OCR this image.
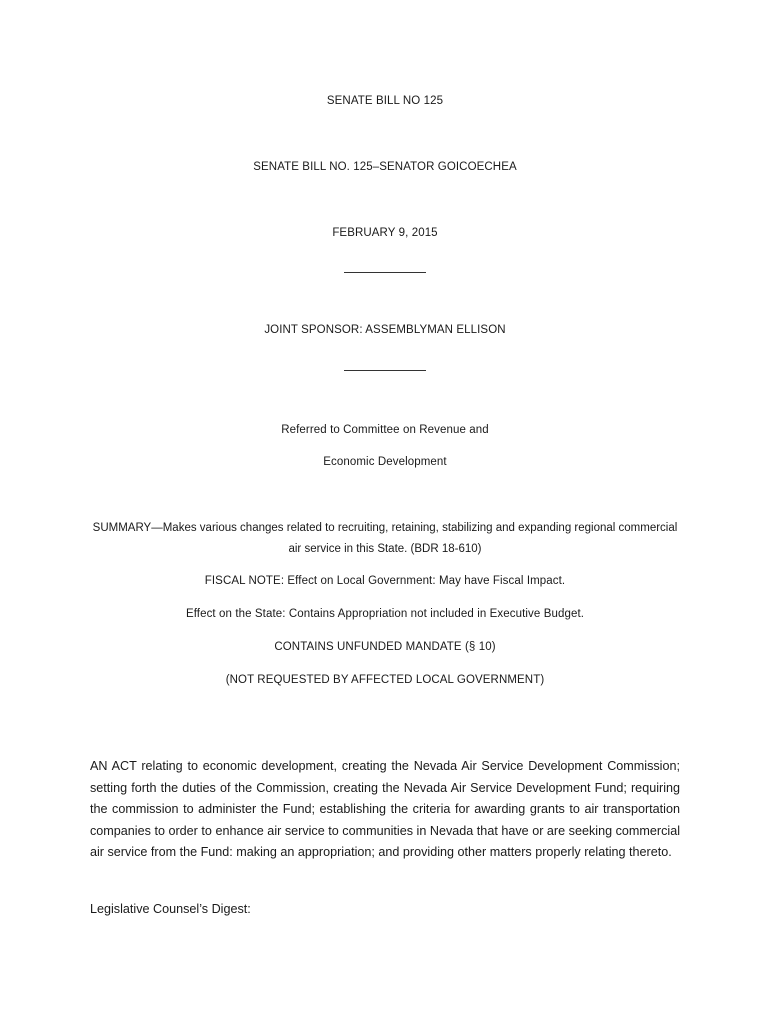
SENATE BILL NO 125
SENATE BILL NO. 125–SENATOR GOICOECHEA
FEBRUARY 9, 2015
JOINT SPONSOR: ASSEMBLYMAN ELLISON
Referred to Committee on Revenue and
Economic Development
SUMMARY—Makes various changes related to recruiting, retaining, stabilizing and expanding regional commercial air service in this State. (BDR 18-610)
FISCAL NOTE: Effect on Local Government: May have Fiscal Impact.
Effect on the State: Contains Appropriation not included in Executive Budget.
CONTAINS UNFUNDED MANDATE (§ 10)
(NOT REQUESTED BY AFFECTED LOCAL GOVERNMENT)
AN ACT relating to economic development, creating the Nevada Air Service Development Commission; setting forth the duties of the Commission, creating the Nevada Air Service Development Fund; requiring the commission to administer the Fund; establishing the criteria for awarding grants to air transportation companies to order to enhance air service to communities in Nevada that have or are seeking commercial air service from the Fund: making an appropriation; and providing other matters properly relating thereto.
Legislative Counsel’s Digest:
